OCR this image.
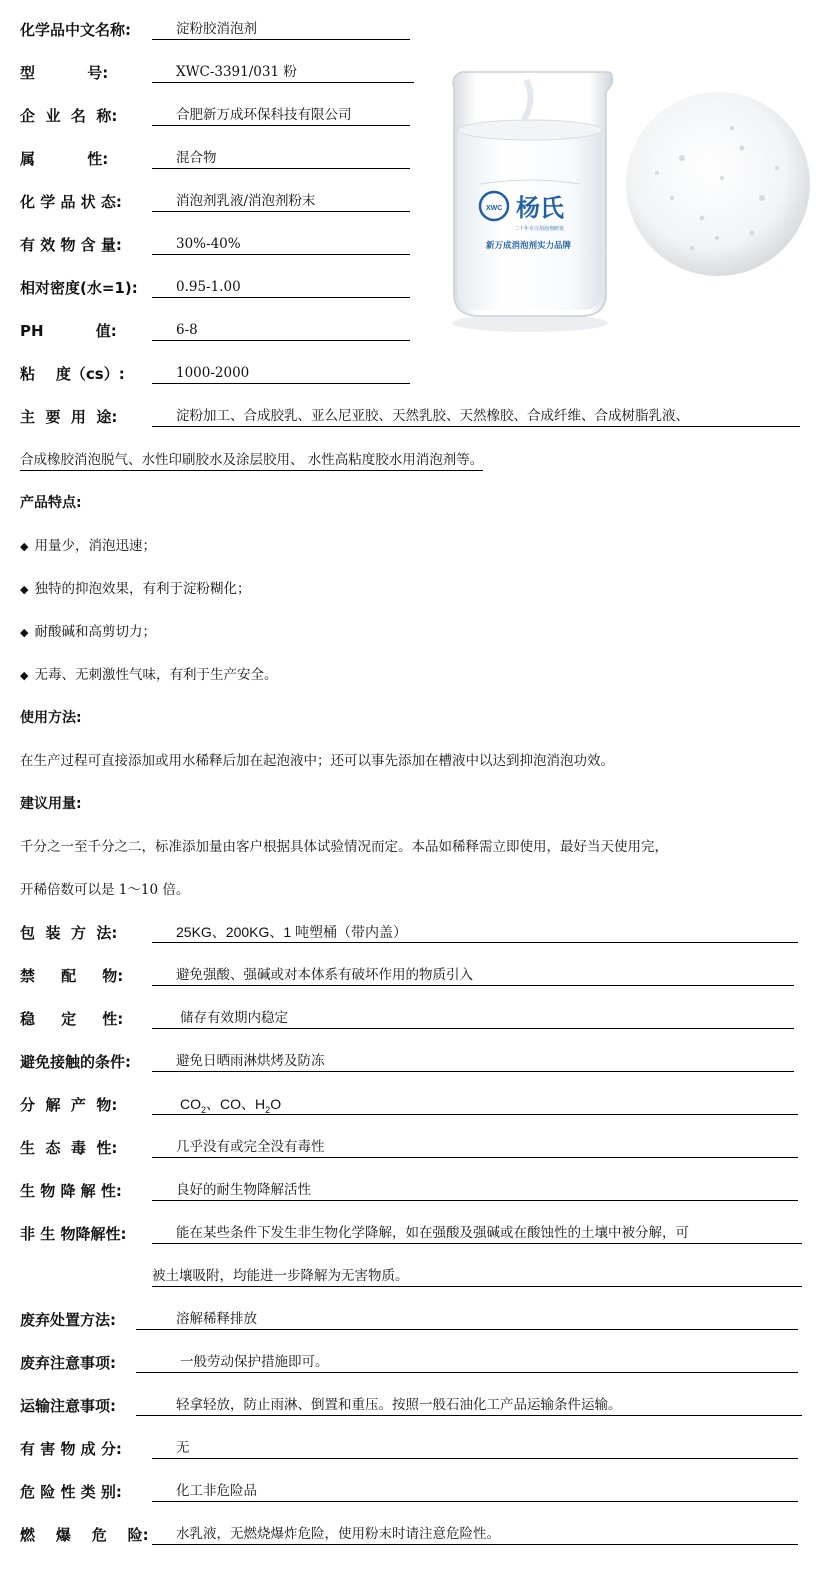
化学品中文名称:	淀粉胶消泡剂
型          号:	XWC-3391/031 粉
企  业  名  称:	合肥新万成环保科技有限公司
属          性:	混合物
化 学 品 状 态:	消泡剂乳液/消泡剂粉末
有 效 物 含 量:	30%-40%
相对密度(水=1):	0.95-1.00
PH          值:	6-8
粘    度（cs）:	1000-2000
XWC 杨氏
二十年专注消泡剂研发
新万成消泡剂实力品牌
主  要  用  途:	淀粉加工、合成胶乳、亚么尼亚胶、天然乳胶、天然橡胶、合成纤维、合成树脂乳液、
合成橡胶消泡脱气、水性印刷胶水及涂层胶用、 水性高粘度胶水用消泡剂等。
产品特点:
◆ 用量少，消泡迅速；
◆ 独特的抑泡效果，有利于淀粉糊化；
◆ 耐酸碱和高剪切力；
◆ 无毒、无刺激性气味，有利于生产安全。
使用方法:
在生产过程可直接添加或用水稀释后加在起泡液中；还可以事先添加在槽液中以达到抑泡消泡功效。
建议用量:
千分之一至千分之二，标准添加量由客户根据具体试验情况而定。本品如稀释需立即使用，最好当天使用完，
开稀倍数可以是 1～10 倍。
包  装  方  法:	25KG、200KG、1 吨塑桶（带内盖）
禁     配     物:	避免强酸、强碱或对本体系有破坏作用的物质引入
稳     定     性:	储存有效期内稳定
避免接触的条件:	避免日晒雨淋烘烤及防冻
分  解  产  物:	$CO_2$、CO、$H_2O$
生  态  毒  性:	几乎没有或完全没有毒性
生 物 降 解 性:	良好的耐生物降解活性
非 生 物降解性:	能在某些条件下发生非生物化学降解，如在强酸及强碱或在酸蚀性的土壤中被分解，可
被土壤吸附，均能进一步降解为无害物质。
废弃处置方法:	溶解稀释排放
废弃注意事项:	一般劳动保护措施即可。
运输注意事项:	轻拿轻放，防止雨淋、倒置和重压。按照一般石油化工产品运输条件运输。
有 害 物 成 分:	无
危 险 性 类 别:	化工非危险品
燃    爆    危    险:	水乳液，无燃烧爆炸危险，使用粉末时请注意危险性。
